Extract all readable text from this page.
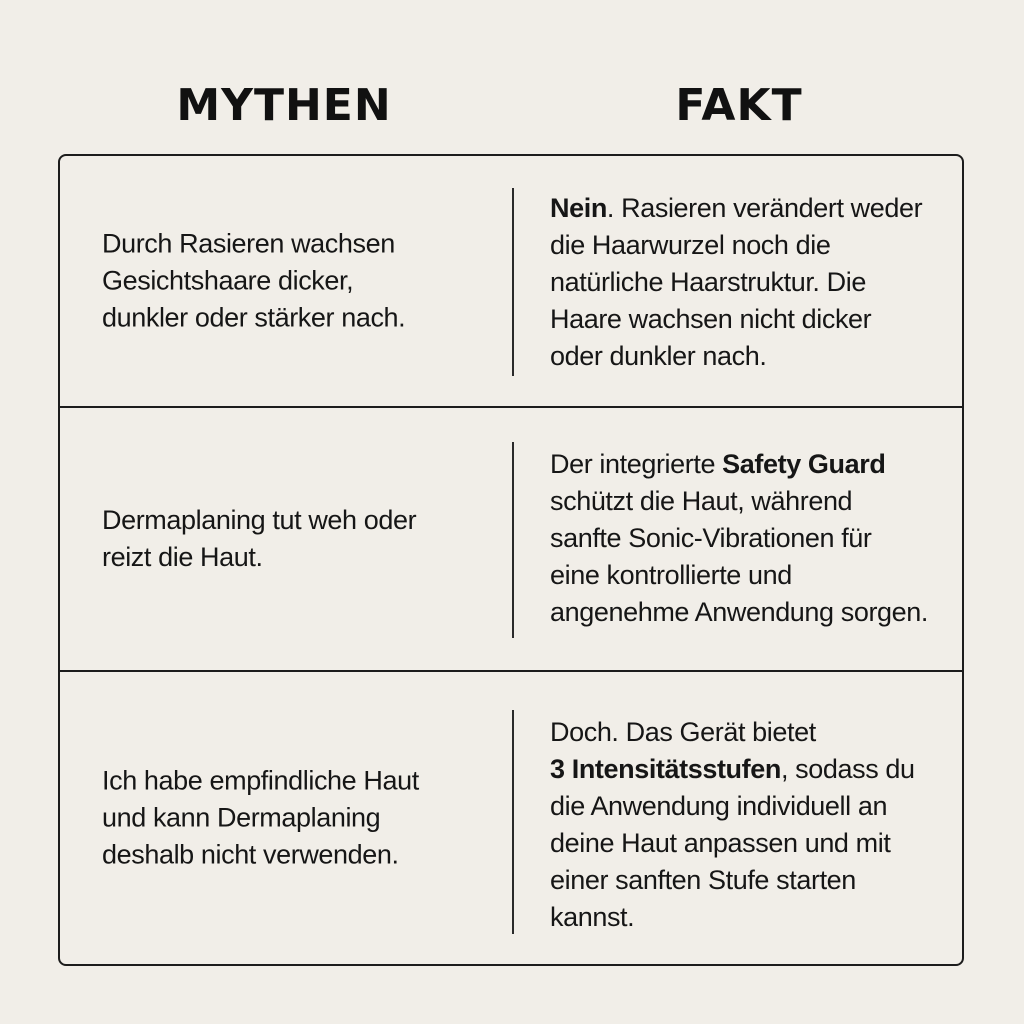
MYTHEN	FAKT
Durch Rasieren wachsen
Gesichtshaare dicker,
dunkler oder stärker nach.
Nein. Rasieren verändert weder
die Haarwurzel noch die
natürliche Haarstruktur. Die
Haare wachsen nicht dicker
oder dunkler nach.
Dermaplaning tut weh oder
reizt die Haut.
Der integrierte Safety Guard
schützt die Haut, während
sanfte Sonic-Vibrationen für
eine kontrollierte und
angenehme Anwendung sorgen.
Ich habe empfindliche Haut
und kann Dermaplaning
deshalb nicht verwenden.
Doch. Das Gerät bietet
3 Intensitätsstufen, sodass du
die Anwendung individuell an
deine Haut anpassen und mit
einer sanften Stufe starten
kannst.
